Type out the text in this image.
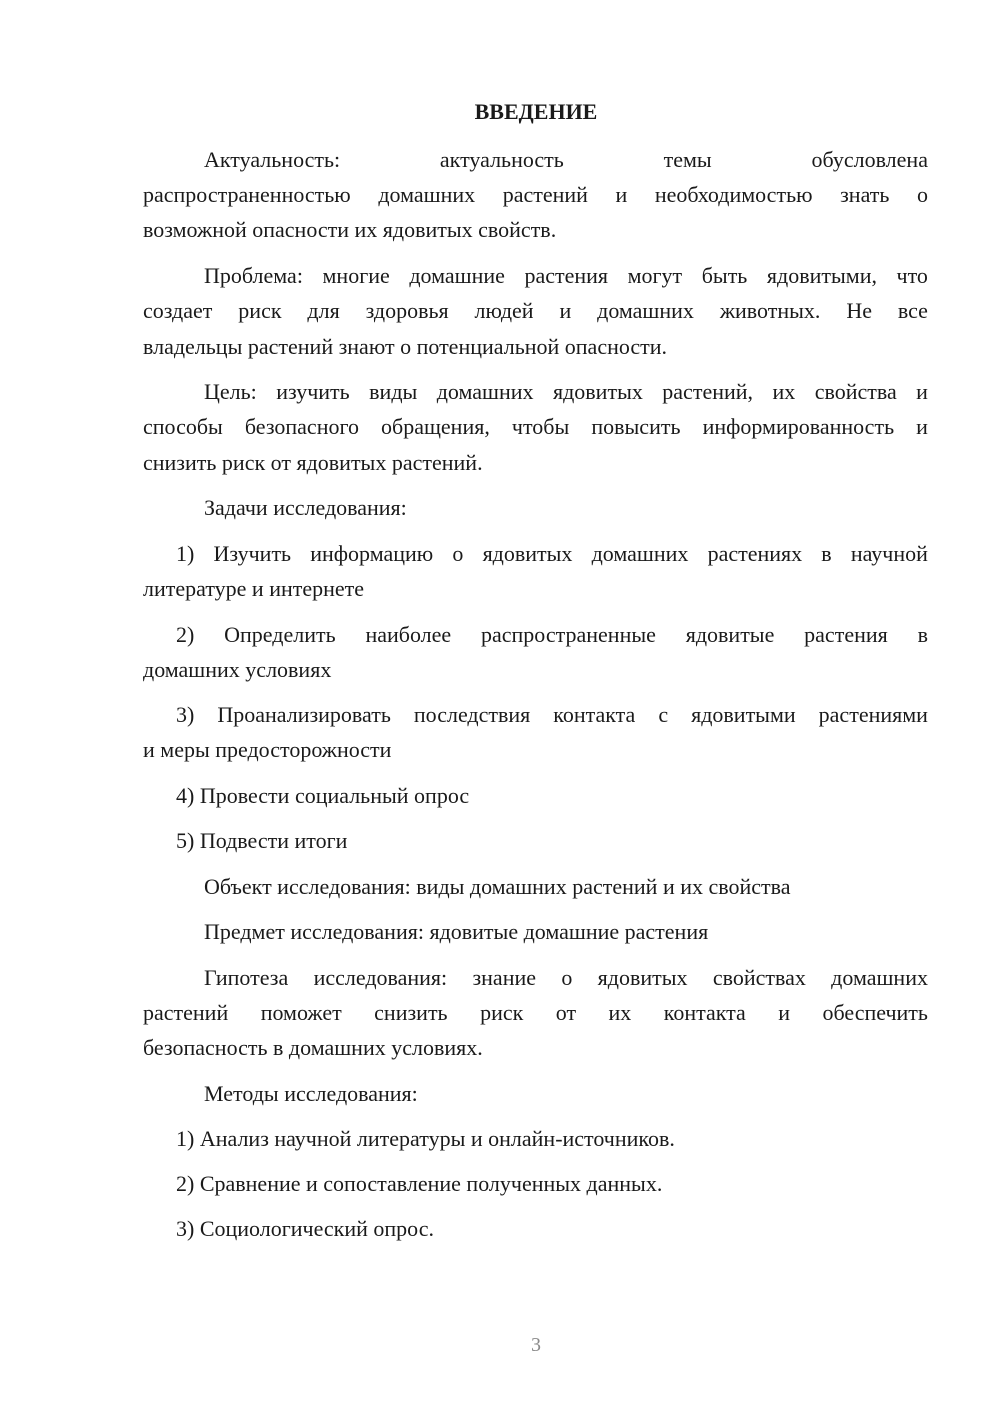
ВВЕДЕНИЕ
Актуальность:	актуальность	темы	обусловлена
распространенностью домашних растений и необходимостью знать о
возможной опасности их ядовитых свойств.
Проблема: многие домашние растения могут быть ядовитыми, что
создает риск для здоровья людей и домашних животных. Не все
владельцы растений знают о потенциальной опасности.
Цель: изучить виды домашних ядовитых растений, их свойства и
способы безопасного обращения, чтобы повысить информированность и
снизить риск от ядовитых растений.
Задачи исследования:
1) Изучить информацию о ядовитых домашних растениях в научной
литературе и интернете
2) Определить наиболее распространенные ядовитые растения в
домашних условиях
3) Проанализировать последствия контакта с ядовитыми растениями
и меры предосторожности
4) Провести социальный опрос
5) Подвести итоги
Объект исследования: виды домашних растений и их свойства
Предмет исследования: ядовитые домашние растения
Гипотеза исследования: знание о ядовитых свойствах домашних
растений поможет снизить риск от их контакта и обеспечить
безопасность в домашних условиях.
Методы исследования:
1) Анализ научной литературы и онлайн-источников.
2) Сравнение и сопоставление полученных данных.
3) Социологический опрос.
3
